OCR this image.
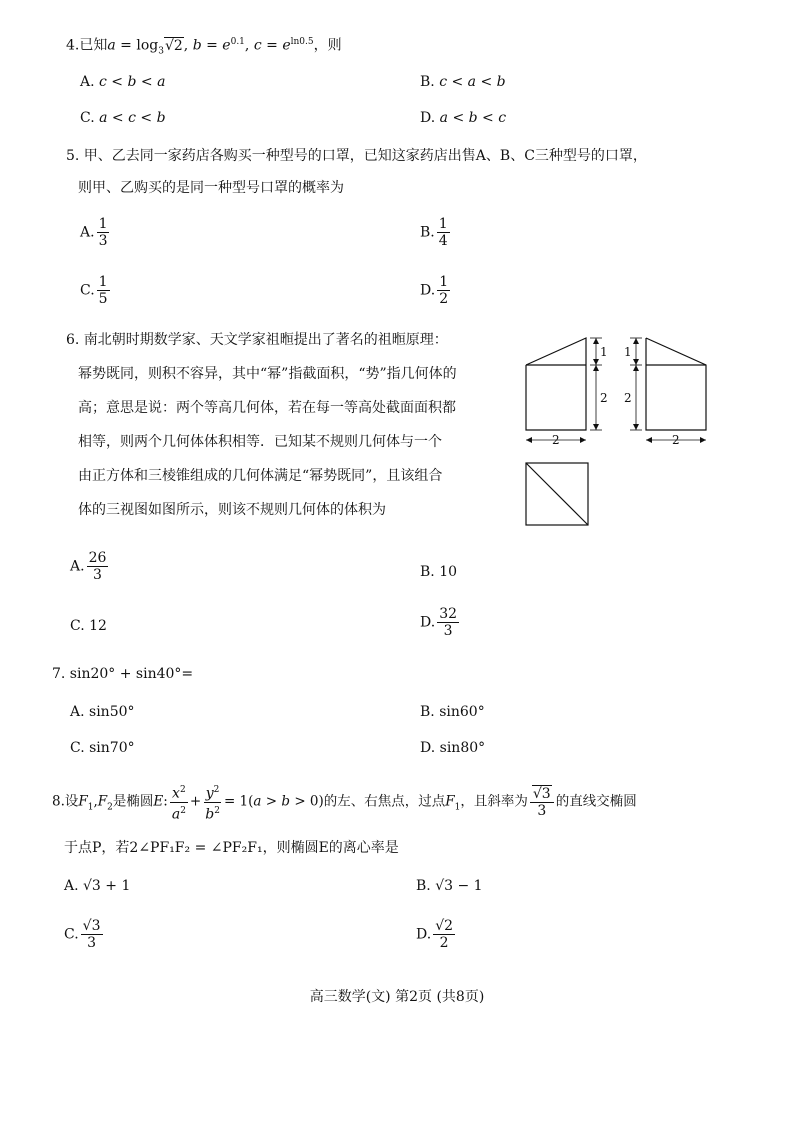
4.已知$a = \log_3√2$, $b = e^{0.1}$, $c = e^{ln0.5}$，则
A. c < b < a	B. c < a < b
C. a < c < b	D. a < b < c
5. 甲、乙去同一家药店各购买一种型号的口罩，已知这家药店出售A、B、C三种型号的口罩，
则甲、乙购买的是同一种型号口罩的概率为
A. $\frac{1}{3}$	B. $\frac{1}{4}$
C. $\frac{1}{5}$	D. $\frac{1}{2}$
6. 南北朝时期数学家、天文学家祖暅提出了著名的祖暅原理：
幂势既同，则积不容异，其中“幂”指截面积，“势”指几何体的
高；意思是说：两个等高几何体，若在每一等高处截面面积都
相等，则两个几何体体积相等．已知某不规则几何体与一个
由正方体和三棱锥组成的几何体满足“幂势既同”，且该组合
体的三视图如图所示，则该不规则几何体的体积为
1
2
2
1
2
2
A. $\frac{26}{3}$	B. 10
C. 12	D. $\frac{32}{3}$
7. sin20° + sin40°=
A. sin50°	B. sin60°
C. sin70°	D. sin80°
8.设$F_1,F_2$是椭圆E: $\frac{x^2}{a^2} + \frac{y^2}{b^2} = 1(a > b > 0)$的左、右焦点，过点$F_1$，且斜率为 $\frac{√3}{3}$ 的直线交椭圆
于点P，若2∠PF₁F₂ = ∠PF₂F₁，则椭圆E的离心率是
A. √3 + 1	B. √3 − 1
C. $\frac{√3}{3}$	D. $\frac{√2}{2}$
高三数学(文) 第2页 (共8页)
